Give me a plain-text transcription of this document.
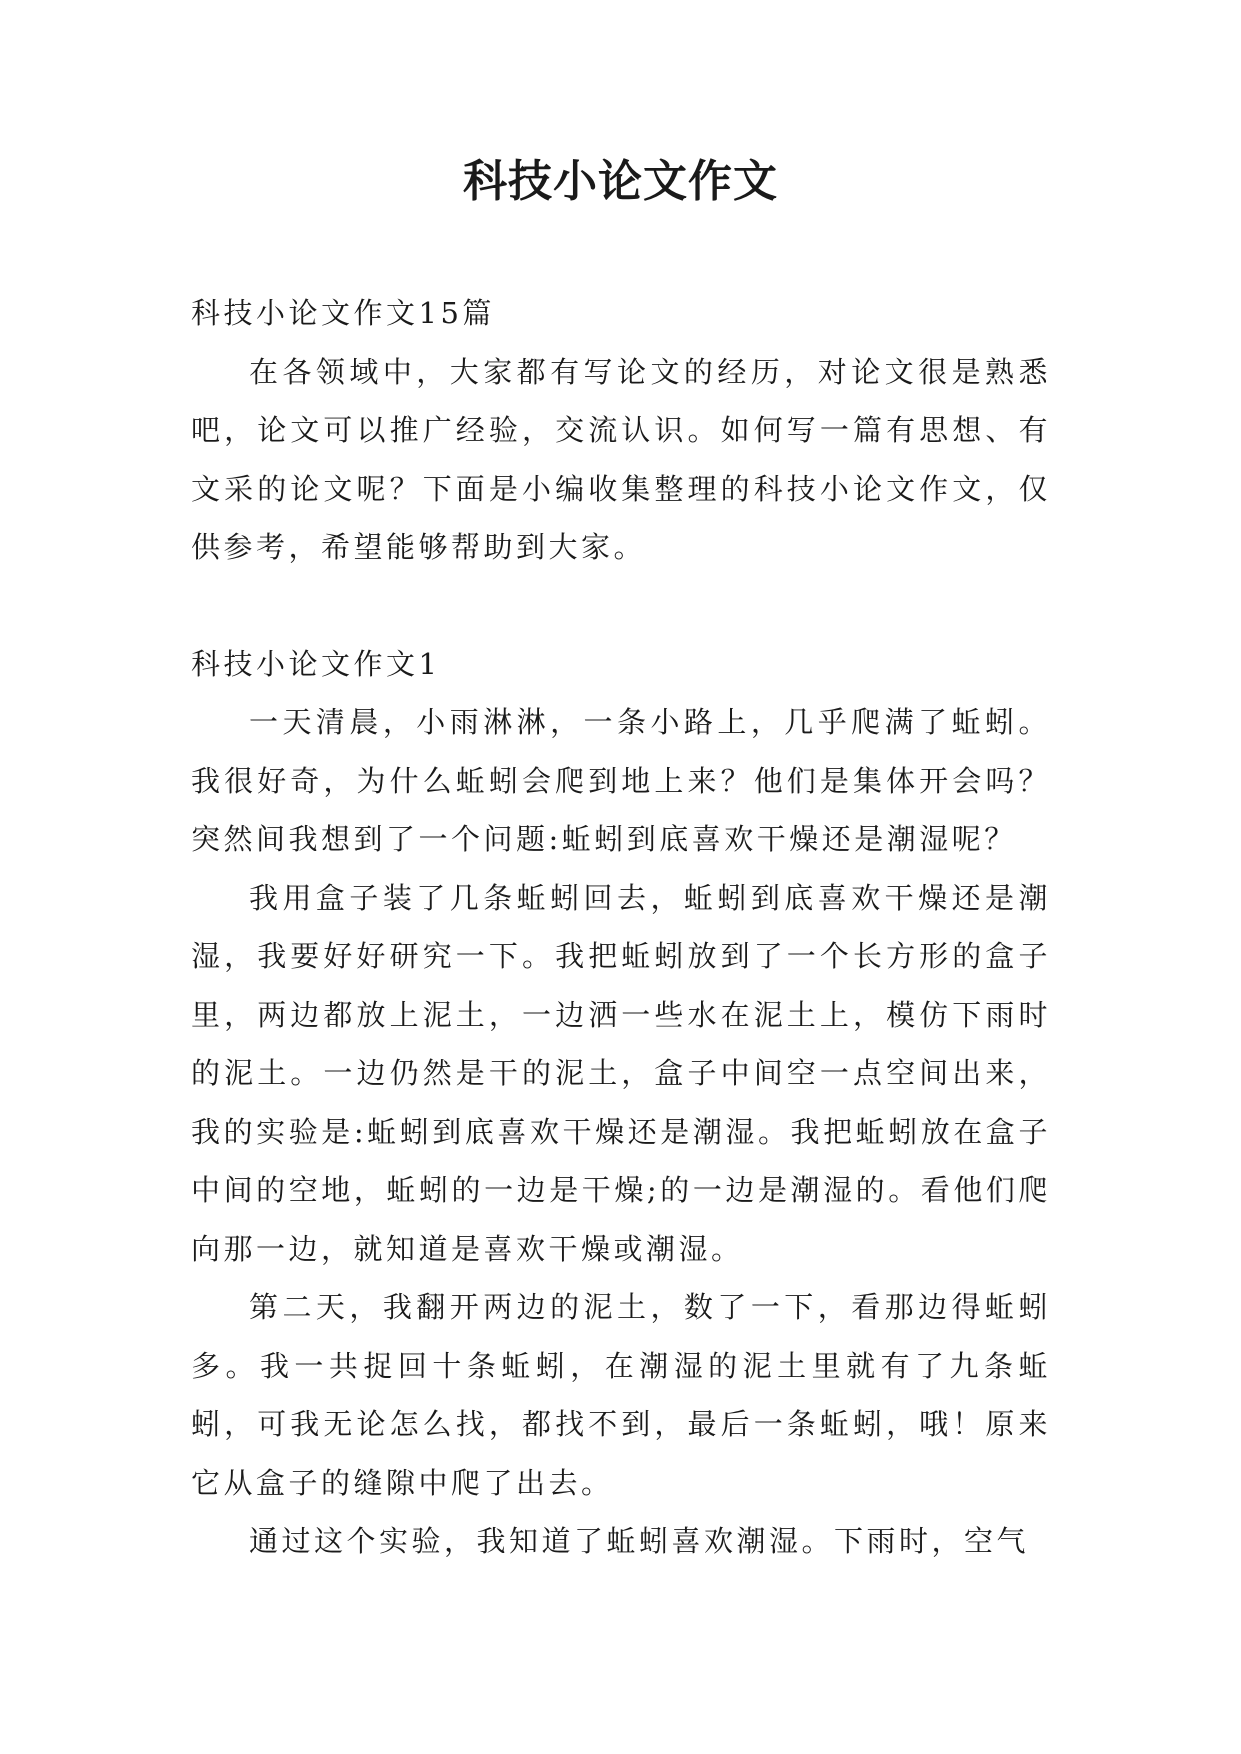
科技小论文作文

科技小论文作文15篇

在各领域中，大家都有写论文的经历，对论文很是熟悉吧，论文可以推广经验，交流认识。如何写一篇有思想、有文采的论文呢？下面是小编收集整理的科技小论文作文，仅供参考，希望能够帮助到大家。

科技小论文作文1

一天清晨，小雨淋淋，一条小路上，几乎爬满了蚯蚓。我很好奇，为什么蚯蚓会爬到地上来？他们是集体开会吗？突然间我想到了一个问题:蚯蚓到底喜欢干燥还是潮湿呢？

我用盒子装了几条蚯蚓回去，蚯蚓到底喜欢干燥还是潮湿，我要好好研究一下。我把蚯蚓放到了一个长方形的盒子里，两边都放上泥土，一边洒一些水在泥土上，模仿下雨时的泥土。一边仍然是干的泥土，盒子中间空一点空间出来，我的实验是:蚯蚓到底喜欢干燥还是潮湿。我把蚯蚓放在盒子中间的空地，蚯蚓的一边是干燥;的一边是潮湿的。看他们爬向那一边，就知道是喜欢干燥或潮湿。

第二天，我翻开两边的泥土，数了一下，看那边得蚯蚓多。我一共捉回十条蚯蚓，在潮湿的泥土里就有了九条蚯蚓，可我无论怎么找，都找不到，最后一条蚯蚓，哦！原来它从盒子的缝隙中爬了出去。

通过这个实验，我知道了蚯蚓喜欢潮湿。下雨时，空气
